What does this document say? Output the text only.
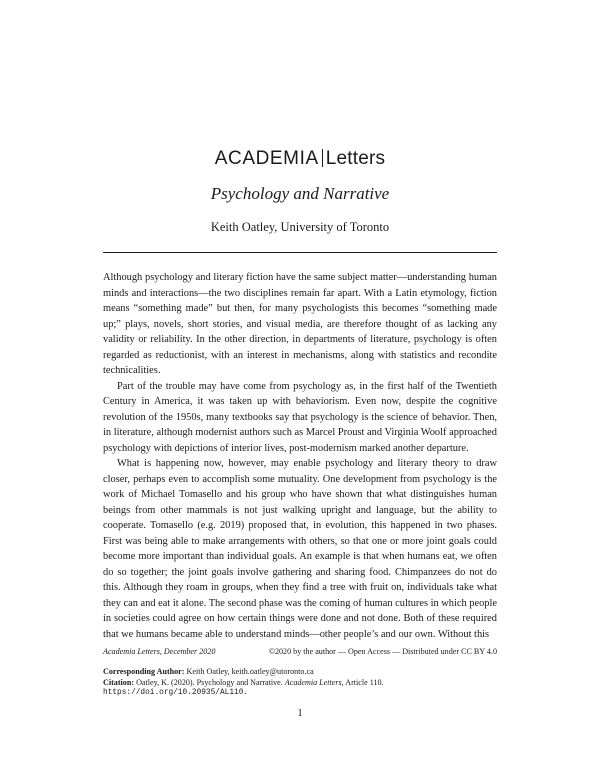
ACADEMIA Letters
Psychology and Narrative
Keith Oatley, University of Toronto

Although psychology and literary fiction have the same subject matter—understanding human minds and interactions—the two disciplines remain far apart. With a Latin etymology, fiction means “something made” but then, for many psychologists this becomes “something made up;” plays, novels, short stories, and visual media, are therefore thought of as lacking any validity or reliability. In the other direction, in departments of literature, psychology is often regarded as reductionist, with an interest in mechanisms, along with statistics and recondite technicalities.

Part of the trouble may have come from psychology as, in the first half of the Twentieth Century in America, it was taken up with behaviorism. Even now, despite the cognitive revolution of the 1950s, many textbooks say that psychology is the science of behavior. Then, in literature, although modernist authors such as Marcel Proust and Virginia Woolf approached psychology with depictions of interior lives, post-modernism marked another departure.

What is happening now, however, may enable psychology and literary theory to draw closer, perhaps even to accomplish some mutuality. One development from psychology is the work of Michael Tomasello and his group who have shown that what distinguishes human beings from other mammals is not just walking upright and language, but the ability to cooperate. Tomasello (e.g. 2019) proposed that, in evolution, this happened in two phases. First was being able to make arrangements with others, so that one or more joint goals could become more important than individual goals. An example is that when humans eat, we often do so together; the joint goals involve gathering and sharing food. Chimpanzees do not do this. Although they roam in groups, when they find a tree with fruit on, individuals take what they can and eat it alone. The second phase was the coming of human cultures in which people in societies could agree on how certain things were done and not done. Both of these required that we humans became able to understand minds—other people’s and our own. Without this

Academia Letters, December 2020	©2020 by the author — Open Access — Distributed under CC BY 4.0
Corresponding Author: Keith Oatley, keith.oatley@utoronto.ca
Citation: Oatley, K. (2020). Psychology and Narrative. Academia Letters, Article 110.
https://doi.org/10.20935/AL110.
1
